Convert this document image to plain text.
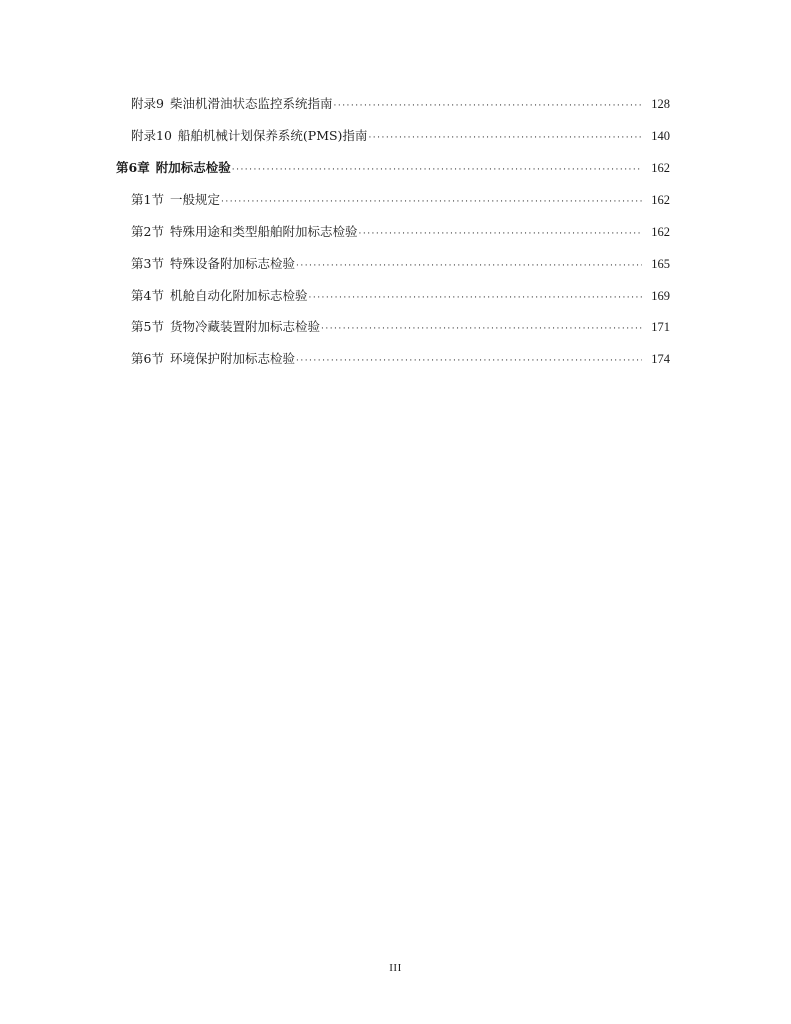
附录9 柴油机滑油状态监控系统指南 ·····	128
附录10 船舶机械计划保养系统(PMS)指南 ·····	140
第6章 附加标志检验 ·····	162
第1节 一般规定 ·····	162
第2节 特殊用途和类型船舶附加标志检验 ·····	162
第3节 特殊设备附加标志检验 ·····	165
第4节 机舱自动化附加标志检验 ·····	169
第5节 货物冷藏装置附加标志检验 ·····	171
第6节 环境保护附加标志检验 ·····	174
III
